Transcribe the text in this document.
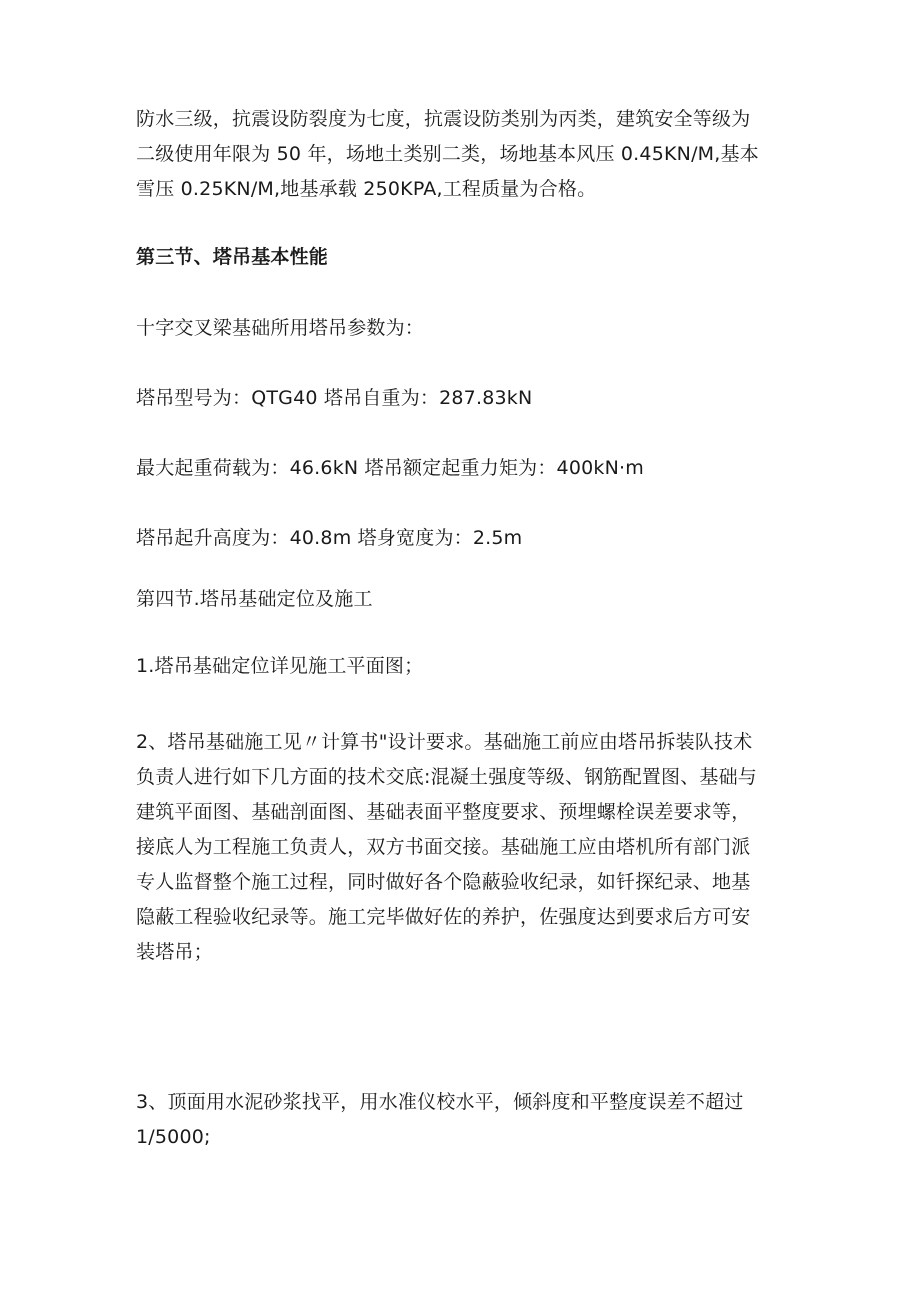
防水三级，抗震设防裂度为七度，抗震设防类别为丙类，建筑安全等级为
二级使用年限为 50 年，场地土类别二类，场地基本风压 0.45KN/M,基本
雪压 0.25KN/M,地基承载 250KPA,工程质量为合格。
第三节、塔吊基本性能
十字交叉梁基础所用塔吊参数为：
塔吊型号为：QTG40 塔吊自重为：287.83kN
最大起重荷载为：46.6kN 塔吊额定起重力矩为：400kN·m
塔吊起升高度为：40.8m 塔身宽度为：2.5m
第四节.塔吊基础定位及施工
1.塔吊基础定位详见施工平面图；
2、塔吊基础施工见〃计算书"设计要求。基础施工前应由塔吊拆装队技术
负责人进行如下几方面的技术交底:混凝土强度等级、钢筋配置图、基础与
建筑平面图、基础剖面图、基础表面平整度要求、预埋螺栓误差要求等，
接底人为工程施工负责人，双方书面交接。基础施工应由塔机所有部门派
专人监督整个施工过程，同时做好各个隐蔽验收纪录，如钎探纪录、地基
隐蔽工程验收纪录等。施工完毕做好佐的养护，佐强度达到要求后方可安
装塔吊；
3、顶面用水泥砂浆找平，用水准仪校水平，倾斜度和平整度误差不超过
1/5000;
